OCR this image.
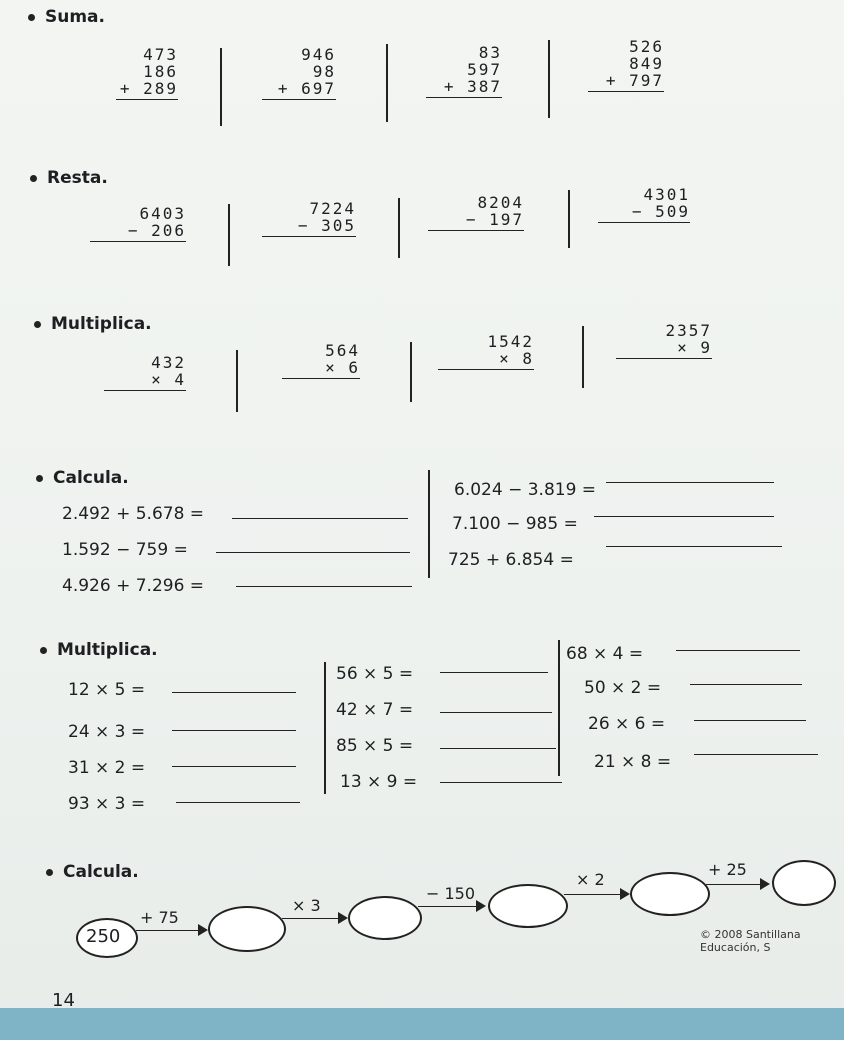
Suma.
473
186
+ 289
946
98
+ 697
83
597
+ 387
526
849
+ 797
Resta.
6403
− 206
7224
− 305
8204
− 197
4301
− 509
Multiplica.
432
× 4
564
× 6
1542
× 8
2357
× 9
Calcula.
2.492 + 5.678 =
1.592 − 759 =
4.926 + 7.296 =
6.024 − 3.819 =
7.100 − 985 =
725 + 6.854 =
Multiplica.
12 × 5 =
24 × 3 =
31 × 2 =
93 × 3 =
56 × 5 =
42 × 7 =
85 × 5 =
13 × 9 =
68 × 4 =
50 × 2 =
26 × 6 =
21 × 8 =
Calcula.
250
+ 75
× 3
− 150
× 2
+ 25
© 2008 Santillana Educación, S
14
